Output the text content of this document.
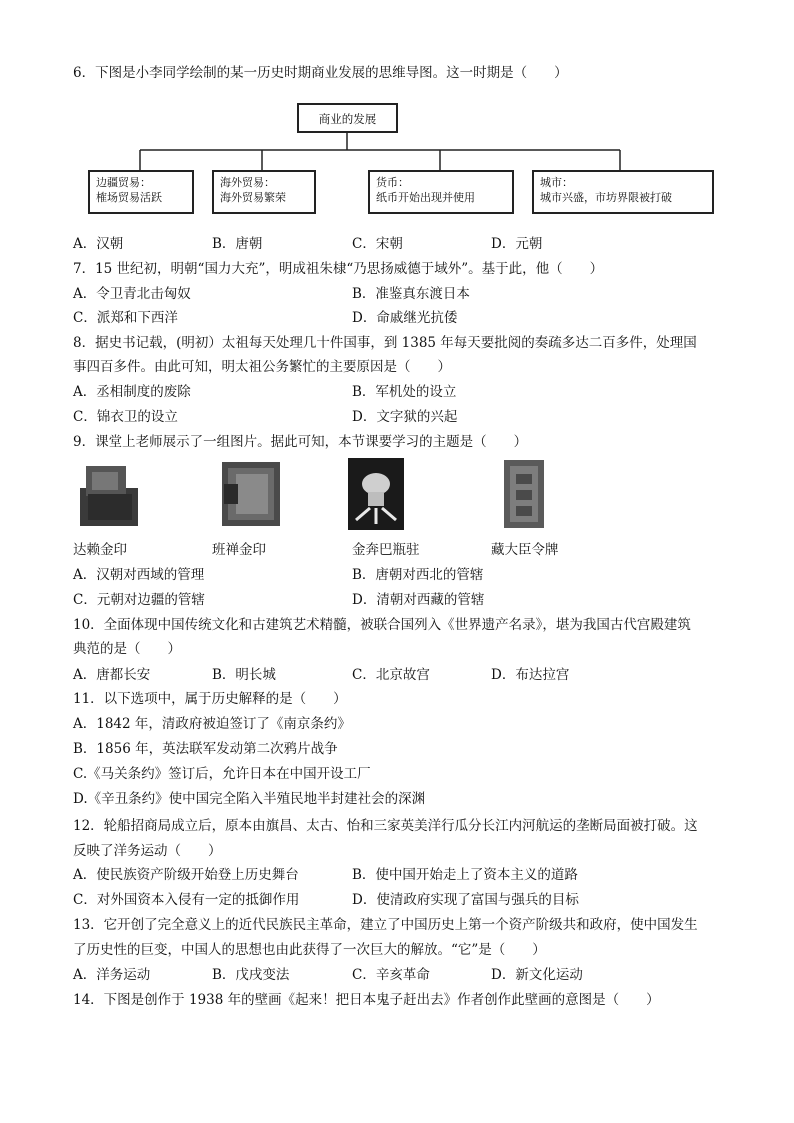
6．下图是小李同学绘制的某一历史时期商业发展的思维导图。这一时期是（　　）
商业的发展
边疆贸易：
榷场贸易活跃
海外贸易：
海外贸易繁荣
货币：
纸币开始出现并使用
城市：
城市兴盛，市坊界限被打破
A．汉朝	B．唐朝	C．宋朝	D．元朝
7．15 世纪初，明朝“国力大充”，明成祖朱棣“乃思扬威德于域外”。基于此，他（　　）
A．令卫青北击匈奴	B．准鉴真东渡日本
C．派郑和下西洋	D．命戚继光抗倭
8．据史书记载，(明初）太祖每天处理几十件国事，到 1385 年每天要批阅的奏疏多达二百多件，处理国
事四百多件。由此可知，明太祖公务繁忙的主要原因是（　　）
A．丞相制度的废除	B．军机处的设立
C．锦衣卫的设立	D．文字狱的兴起
9．课堂上老师展示了一组图片。据此可知，本节课要学习的主题是（　　）
达赖金印	班禅金印	金奔巴瓶驻	藏大臣令牌
A．汉朝对西域的管理	B．唐朝对西北的管辖
C．元朝对边疆的管辖	D．清朝对西藏的管辖
10．全面体现中国传统文化和古建筑艺术精髓，被联合国列入《世界遗产名录》，堪为我国古代宫殿建筑
典范的是（　　）
A．唐都长安	B．明长城	C．北京故宫	D．布达拉宫
11．以下选项中，属于历史解释的是（　　）
A．1842 年，清政府被迫签订了《南京条约》
B．1856 年，英法联军发动第二次鸦片战争
C.《马关条约》签订后，允许日本在中国开设工厂
D.《辛丑条约》使中国完全陷入半殖民地半封建社会的深渊
12．轮船招商局成立后，原本由旗昌、太古、怡和三家英美洋行瓜分长江内河航运的垄断局面被打破。这
反映了洋务运动（　　）
A．使民族资产阶级开始登上历史舞台	B．使中国开始走上了资本主义的道路
C．对外国资本入侵有一定的抵御作用	D．使清政府实现了富国与强兵的目标
13．它开创了完全意义上的近代民族民主革命，建立了中国历史上第一个资产阶级共和政府，使中国发生
了历史性的巨变，中国人的思想也由此获得了一次巨大的解放。“它”是（　　）
A．洋务运动	B．戊戌变法	C．辛亥革命	D．新文化运动
14．下图是创作于 1938 年的壁画《起来！把日本鬼子赶出去》作者创作此壁画的意图是（　　）
